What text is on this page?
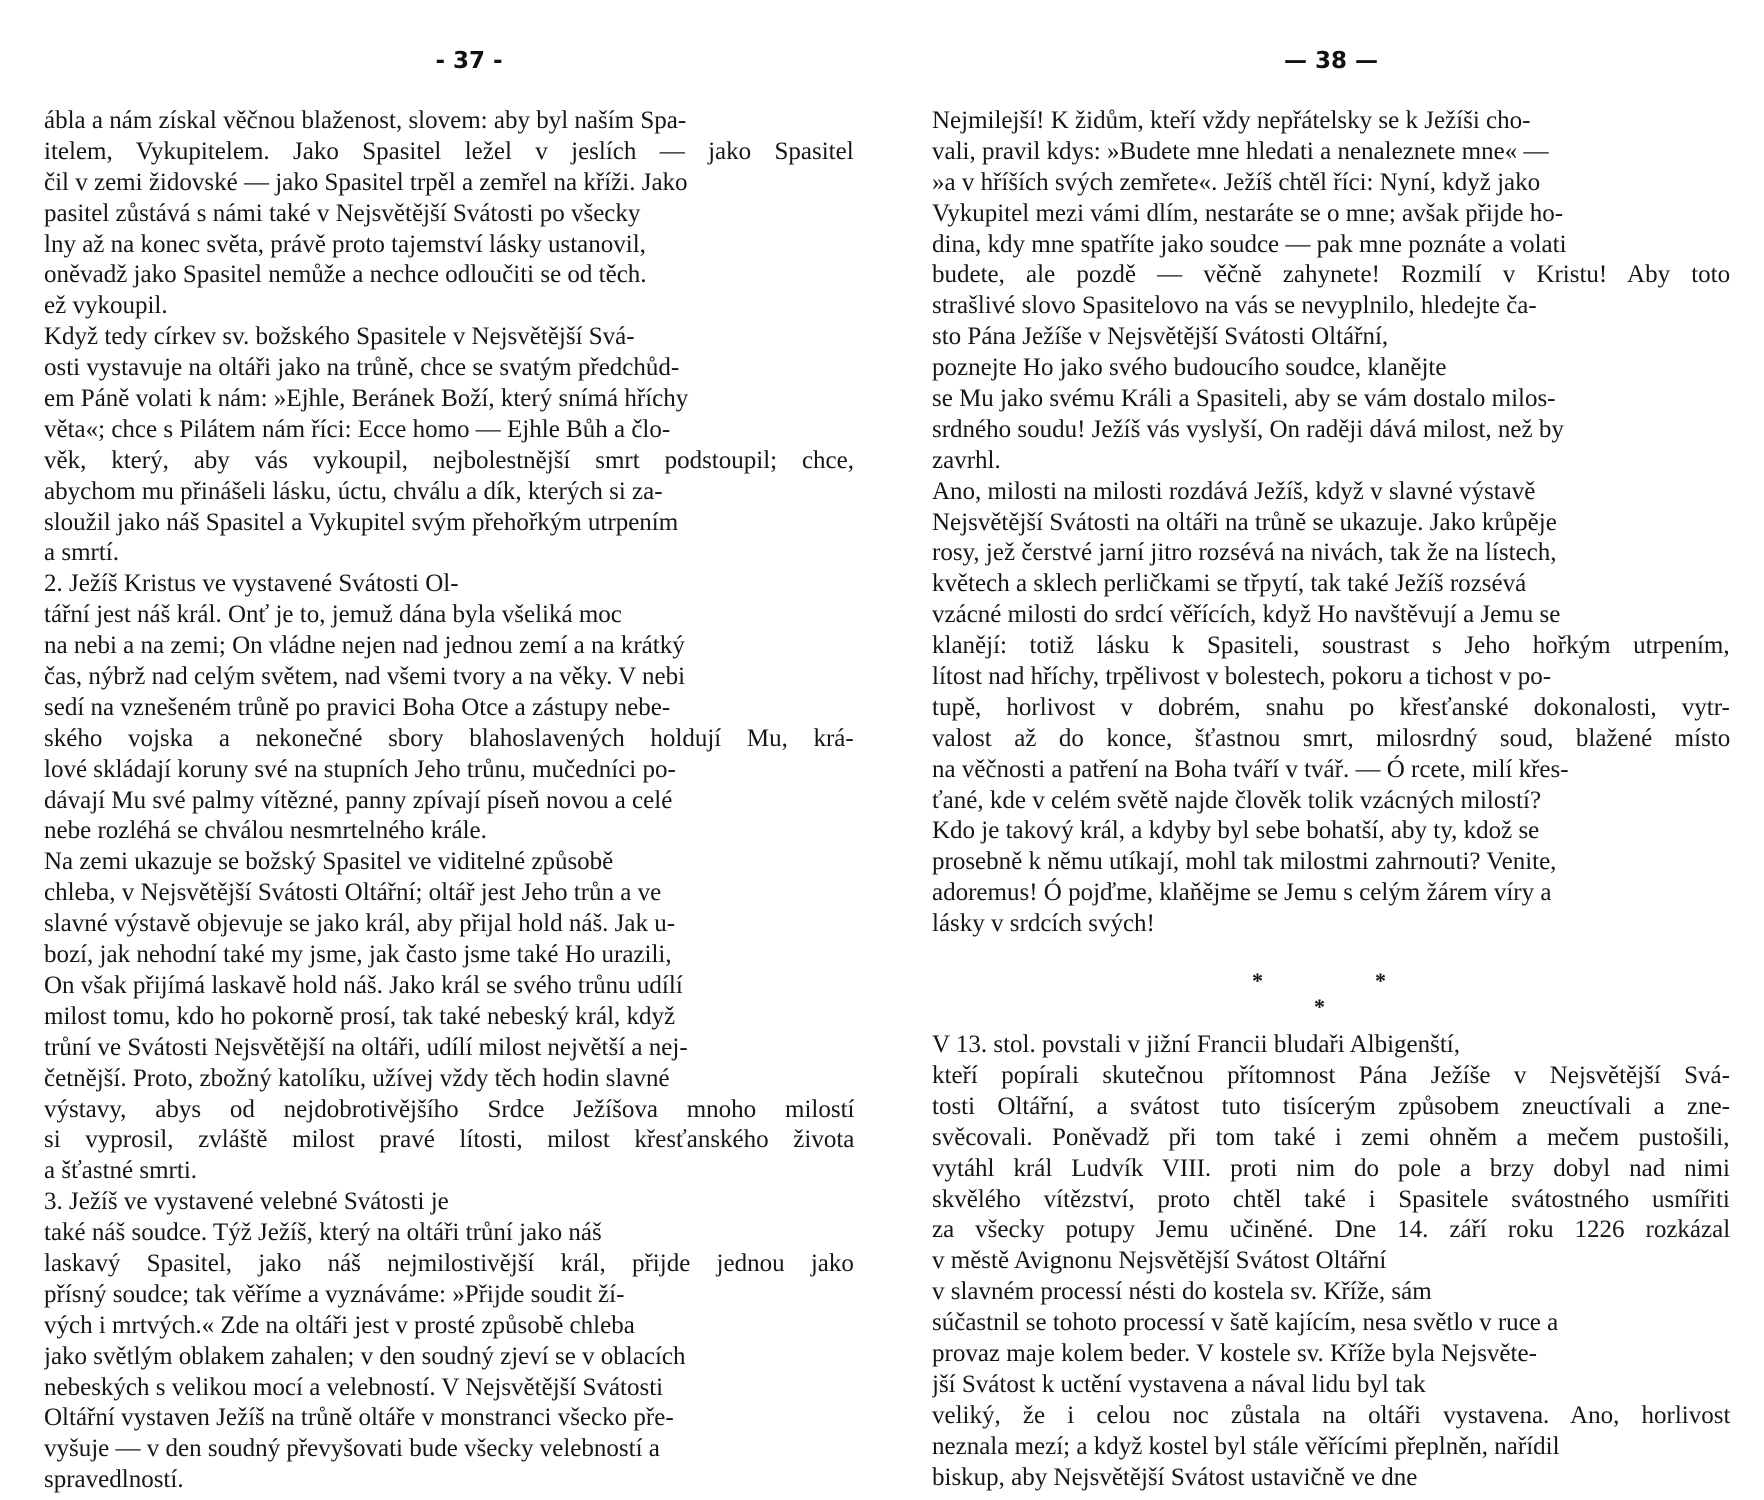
- 37 -
ábla a nám získal věčnou blaženost, slovem: aby byl naším Spa-
itelem, Vykupitelem. Jako Spasitel ležel v jeslích — jako Spasitel
čil v zemi židovské — jako Spasitel trpěl a zemřel na kříži. Jako
pasitel zůstává s námi také v Nejsvětější Svátosti po všecky
lny až na konec světa, právě proto tajemství lásky ustanovil,
oněvadž jako Spasitel nemůže a nechce odloučiti se od těch.
ež vykoupil.
Když tedy církev sv. božského Spasitele v Nejsvětější Svá-
osti vystavuje na oltáři jako na trůně, chce se svatým předchůd-
em Páně volati k nám: »Ejhle, Beránek Boží, který snímá hříchy
věta«; chce s Pilátem nám říci: Ecce homo — Ejhle Bůh a člo-
věk, který, aby vás vykoupil, nejbolestnější smrt podstoupil; chce,
abychom mu přinášeli lásku, úctu, chválu a dík, kterých si za-
sloužil jako náš Spasitel a Vykupitel svým přehořkým utrpením
a smrtí.
2. Ježíš Kristus ve vystavené Svátosti Ol-
tářní jest náš král. Onť je to, jemuž dána byla všeliká moc
na nebi a na zemi; On vládne nejen nad jednou zemí a na krátký
čas, nýbrž nad celým světem, nad všemi tvory a na věky. V nebi
sedí na vznešeném trůně po pravici Boha Otce a zástupy nebe-
ského vojska a nekonečné sbory blahoslavených holdují Mu, krá-
lové skládají koruny své na stupních Jeho trůnu, mučedníci po-
dávají Mu své palmy vítězné, panny zpívají píseň novou a celé
nebe rozléhá se chválou nesmrtelného krále.
Na zemi ukazuje se božský Spasitel ve viditelné způsobě
chleba, v Nejsvětější Svátosti Oltářní; oltář jest Jeho trůn a ve
slavné výstavě objevuje se jako král, aby přijal hold náš. Jak u-
bozí, jak nehodní také my jsme, jak často jsme také Ho urazili,
On však přijímá laskavě hold náš. Jako král se svého trůnu udílí
milost tomu, kdo ho pokorně prosí, tak také nebeský král, když
trůní ve Svátosti Nejsvětější na oltáři, udílí milost největší a nej-
četnější. Proto, zbožný katolíku, užívej vždy těch hodin slavné
výstavy, abys od nejdobrotivějšího Srdce Ježíšova mnoho milostí
si vyprosil, zvláště milost pravé lítosti, milost křesťanského života
a šťastné smrti.
3. Ježíš ve vystavené velebné Svátosti je
také náš soudce. Týž Ježíš, který na oltáři trůní jako náš
laskavý Spasitel, jako náš nejmilostivější král, přijde jednou jako
přísný soudce; tak věříme a vyznáváme: »Přijde soudit ží-
vých i mrtvých.« Zde na oltáři jest v prosté způsobě chleba
jako světlým oblakem zahalen; v den soudný zjeví se v oblacích
nebeských s velikou mocí a velebností. V Nejsvětější Svátosti
Oltářní vystaven Ježíš na trůně oltáře v monstranci všecko pře-
vyšuje — v den soudný převyšovati bude všecky velebností a
spravedlností.
— 38 —
Nejmilejší! K židům, kteří vždy nepřátelsky se k Ježíši cho-
vali, pravil kdys: »Budete mne hledati a nenaleznete mne« —
»a v hříších svých zemřete«. Ježíš chtěl říci: Nyní, když jako
Vykupitel mezi vámi dlím, nestaráte se o mne; avšak přijde ho-
dina, kdy mne spatříte jako soudce — pak mne poznáte a volati
budete, ale pozdě — věčně zahynete! Rozmilí v Kristu! Aby toto
strašlivé slovo Spasitelovo na vás se nevyplnilo, hledejte ča-
sto Pána Ježíše v Nejsvětější Svátosti Oltářní,
poznejte Ho jako svého budoucího soudce, klanějte
se Mu jako svému Králi a Spasiteli, aby se vám dostalo milos-
srdného soudu! Ježíš vás vyslyší, On raději dává milost, než by
zavrhl.
Ano, milosti na milosti rozdává Ježíš, když v slavné výstavě
Nejsvětější Svátosti na oltáři na trůně se ukazuje. Jako krůpěje
rosy, jež čerstvé jarní jitro rozsévá na nivách, tak že na lístech,
květech a sklech perličkami se třpytí, tak také Ježíš rozsévá
vzácné milosti do srdcí věřících, když Ho navštěvují a Jemu se
klanějí: totiž lásku k Spasiteli, soustrast s Jeho hořkým utrpením,
lítost nad hříchy, trpělivost v bolestech, pokoru a tichost v po-
tupě, horlivost v dobrém, snahu po křesťanské dokonalosti, vytr-
valost až do konce, šťastnou smrt, milosrdný soud, blažené místo
na věčnosti a patření na Boha tváří v tvář. — Ó rcete, milí křes-
ťané, kde v celém světě najde člověk tolik vzácných milostí?
Kdo je takový král, a kdyby byl sebe bohatší, aby ty, kdož se
prosebně k němu utíkají, mohl tak milostmi zahrnouti? Venite,
adoremus! Ó pojďme, klaňějme se Jemu s celým žárem víry a
lásky v srdcích svých!
*	*
*
V 13. stol. povstali v jižní Francii bludaři Albigenští,
kteří popírali skutečnou přítomnost Pána Ježíše v Nejsvětější Svá-
tosti Oltářní, a svátost tuto tisícerým způsobem zneuctívali a zne-
svěcovali. Poněvadž při tom také i zemi ohněm a mečem pustošili,
vytáhl král Ludvík VIII. proti nim do pole a brzy dobyl nad nimi
skvělého vítězství, proto chtěl také i Spasitele svátostného usmířiti
za všecky potupy Jemu učiněné. Dne 14. září roku 1226 rozkázal
v městě Avignonu Nejsvětější Svátost Oltářní
v slavném processí nésti do kostela sv. Kříže, sám
súčastnil se tohoto processí v šatě kajícím, nesa světlo v ruce a
provaz maje kolem beder. V kostele sv. Kříže byla Nejsvěte-
jší Svátost k uctění vystavena a nával lidu byl tak
veliký, že i celou noc zůstala na oltáři vystavena. Ano, horlivost
neznala mezí; a když kostel byl stále věřícími přeplněn, nařídil
biskup, aby Nejsvětější Svátost ustavičně ve dne
